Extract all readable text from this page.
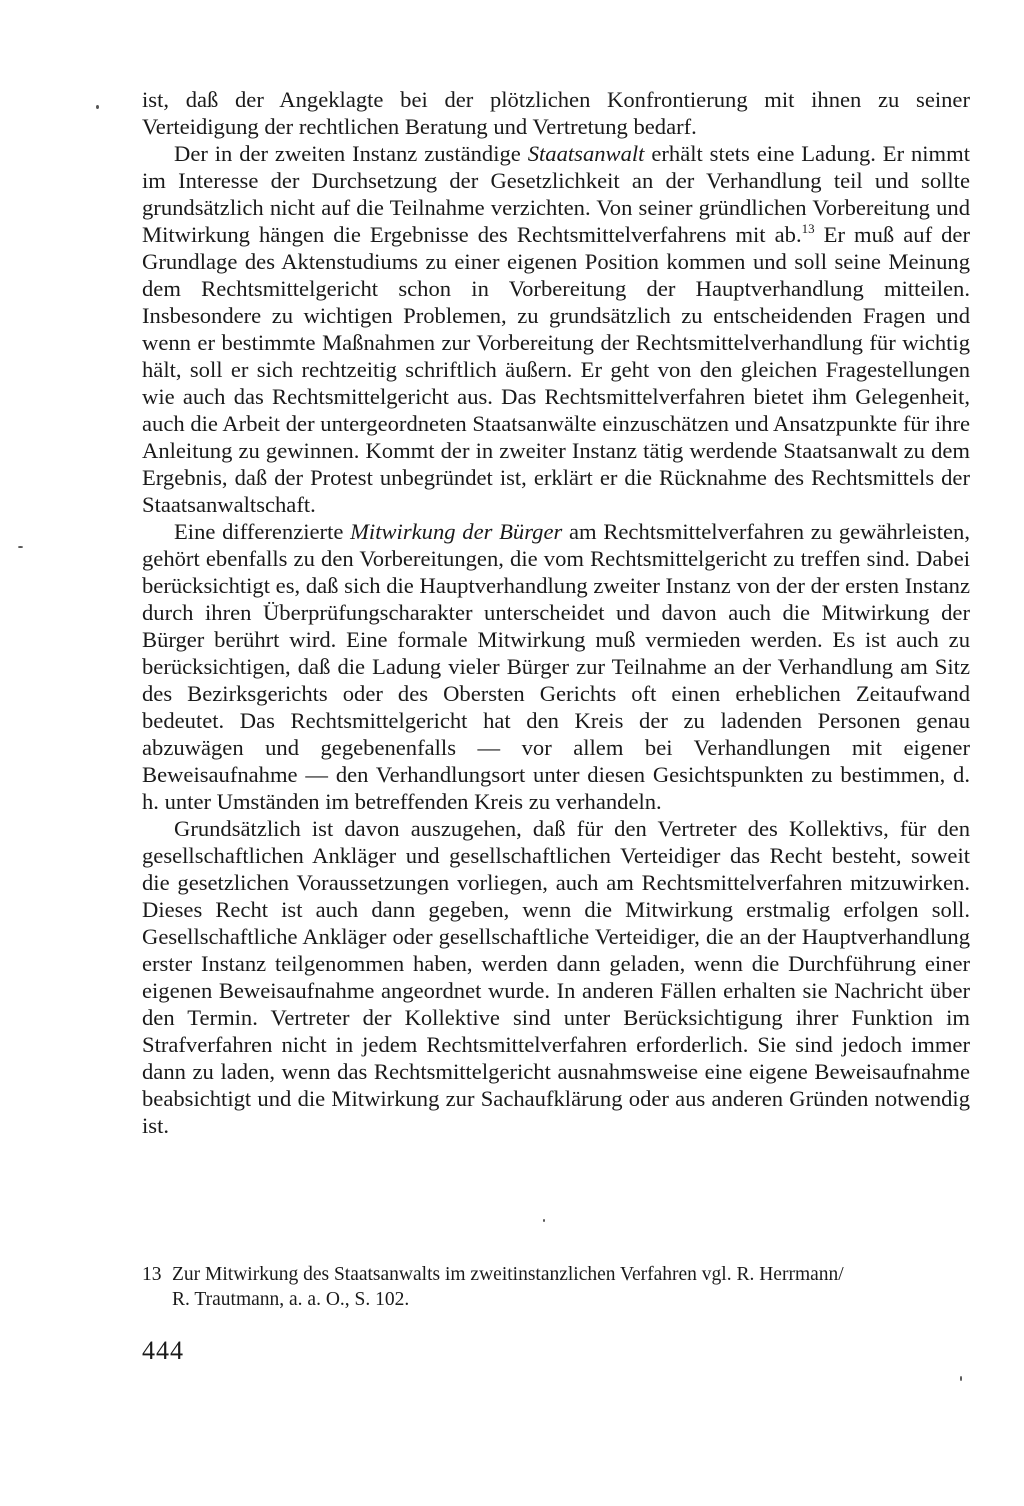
ist, daß der Angeklagte bei der plötzlichen Konfrontierung mit ihnen zu seiner Verteidigung der rechtlichen Beratung und Vertretung bedarf.

Der in der zweiten Instanz zuständige Staatsanwalt erhält stets eine Ladung. Er nimmt im Interesse der Durchsetzung der Gesetzlichkeit an der Verhandlung teil und sollte grundsätzlich nicht auf die Teilnahme verzichten. Von seiner gründlichen Vorbereitung und Mitwirkung hängen die Ergebnisse des Rechtsmittelverfahrens mit ab.$^{13}$ Er muß auf der Grundlage des Aktenstudiums zu einer eigenen Position kommen und soll seine Meinung dem Rechtsmittelgericht schon in Vorbereitung der Hauptverhandlung mitteilen. Insbesondere zu wichtigen Problemen, zu grundsätzlich zu entscheidenden Fragen und wenn er bestimmte Maßnahmen zur Vorbereitung der Rechtsmittelverhandlung für wichtig hält, soll er sich rechtzeitig schriftlich äußern. Er geht von den gleichen Fragestellungen wie auch das Rechtsmittelgericht aus. Das Rechtsmittelverfahren bietet ihm Gelegenheit, auch die Arbeit der untergeordneten Staatsanwälte einzuschätzen und Ansatzpunkte für ihre Anleitung zu gewinnen. Kommt der in zweiter Instanz tätig werdende Staatsanwalt zu dem Ergebnis, daß der Protest unbegründet ist, erklärt er die Rücknahme des Rechtsmittels der Staatsanwaltschaft.

Eine differenzierte Mitwirkung der Bürger am Rechtsmittelverfahren zu gewährleisten, gehört ebenfalls zu den Vorbereitungen, die vom Rechtsmittelgericht zu treffen sind. Dabei berücksichtigt es, daß sich die Hauptverhandlung zweiter Instanz von der der ersten Instanz durch ihren Überprüfungscharakter unterscheidet und davon auch die Mitwirkung der Bürger berührt wird. Eine formale Mitwirkung muß vermieden werden. Es ist auch zu berücksichtigen, daß die Ladung vieler Bürger zur Teilnahme an der Verhandlung am Sitz des Bezirksgerichts oder des Obersten Gerichts oft einen erheblichen Zeitaufwand bedeutet. Das Rechtsmittelgericht hat den Kreis der zu ladenden Personen genau abzuwägen und gegebenenfalls — vor allem bei Verhandlungen mit eigener Beweisaufnahme — den Verhandlungsort unter diesen Gesichtspunkten zu bestimmen, d. h. unter Umständen im betreffenden Kreis zu verhandeln.

Grundsätzlich ist davon auszugehen, daß für den Vertreter des Kollektivs, für den gesellschaftlichen Ankläger und gesellschaftlichen Verteidiger das Recht besteht, soweit die gesetzlichen Voraussetzungen vorliegen, auch am Rechtsmittelverfahren mitzuwirken. Dieses Recht ist auch dann gegeben, wenn die Mitwirkung erstmalig erfolgen soll. Gesellschaftliche Ankläger oder gesellschaftliche Verteidiger, die an der Hauptverhandlung erster Instanz teilgenommen haben, werden dann geladen, wenn die Durchführung einer eigenen Beweisaufnahme angeordnet wurde. In anderen Fällen erhalten sie Nachricht über den Termin. Vertreter der Kollektive sind unter Berücksichtigung ihrer Funktion im Strafverfahren nicht in jedem Rechtsmittelverfahren erforderlich. Sie sind jedoch immer dann zu laden, wenn das Rechtsmittelgericht ausnahmsweise eine eigene Beweisaufnahme beabsichtigt und die Mitwirkung zur Sachaufklärung oder aus anderen Gründen notwendig ist.

13 Zur Mitwirkung des Staatsanwalts im zweitinstanzlichen Verfahren vgl. R. Herrmann/
R. Trautmann, a. a. O., S. 102.
444
